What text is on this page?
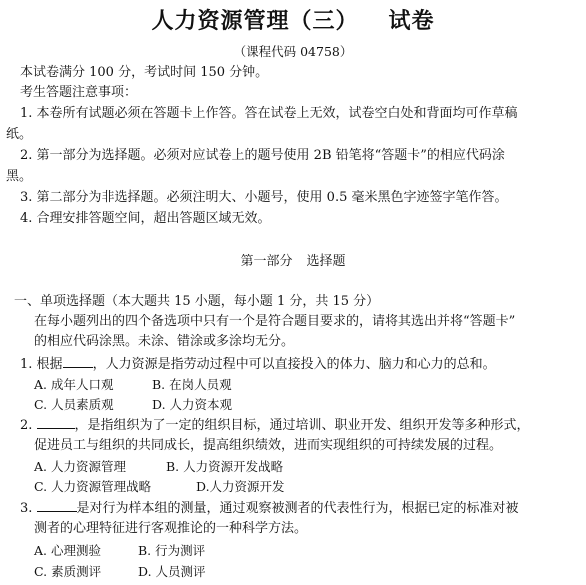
人力资源管理（三） 试卷
（课程代码 04758）
本试卷满分 100 分，考试时间 150 分钟。
考生答题注意事项：
1. 本卷所有试题必须在答题卡上作答。答在试卷上无效，试卷空白处和背面均可作草稿
纸。
2. 第一部分为选择题。必须对应试卷上的题号使用 2B 铅笔将“答题卡”的相应代码涂
黑。
3. 第二部分为非选择题。必须注明大、小题号，使用 0.5 毫米黑色字迹签字笔作答。
4. 合理安排答题空间，超出答题区域无效。
第一部分 选择题
一、单项选择题（本大题共 15 小题，每小题 1 分，共 15 分）
在每小题列出的四个备选项中只有一个是符合题目要求的，请将其选出并将“答题卡”
的相应代码涂黑。未涂、错涂或多涂均无分。
1. 根据 ，人力资源是指劳动过程中可以直接投入的体力、脑力和心力的总和。
A. 成年人口观	B. 在岗人员观
C. 人员素质观	D. 人力资本观
2.	，是指组织为了一定的组织目标，通过培训、职业开发、组织开发等多种形式，
促进员工与组织的共同成长，提高组织绩效，进而实现组织的可持续发展的过程。
A. 人力资源管理	B. 人力资源开发战略
C. 人力资源管理战略	D.人力资源开发
3.	是对行为样本组的测量，通过观察被测者的代表性行为，根据已定的标准对被
测者的心理特征进行客观推论的一种科学方法。
A. 心理测验	B. 行为测评
C. 素质测评	D. 人员测评
